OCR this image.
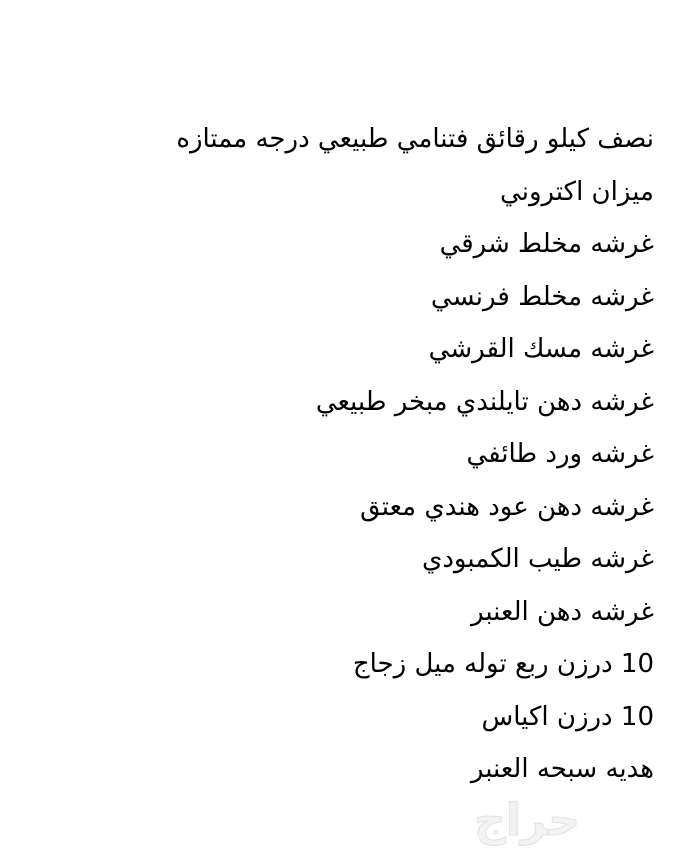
نصف كيلو رقائق فتنامي طبيعي درجه ممتازه
ميزان اكتروني
غرشه مخلط شرقي
غرشه مخلط فرنسي
غرشه مسك القرشي
غرشه دهن تايلندي مبخر طبيعي
غرشه ورد طائفي
غرشه دهن عود هندي معتق
غرشه طيب الكمبودي
غرشه دهن العنبر
10 درزن ربع توله ميل زجاج
10 درزن اكياس
هديه سبحه العنبر
حراج
